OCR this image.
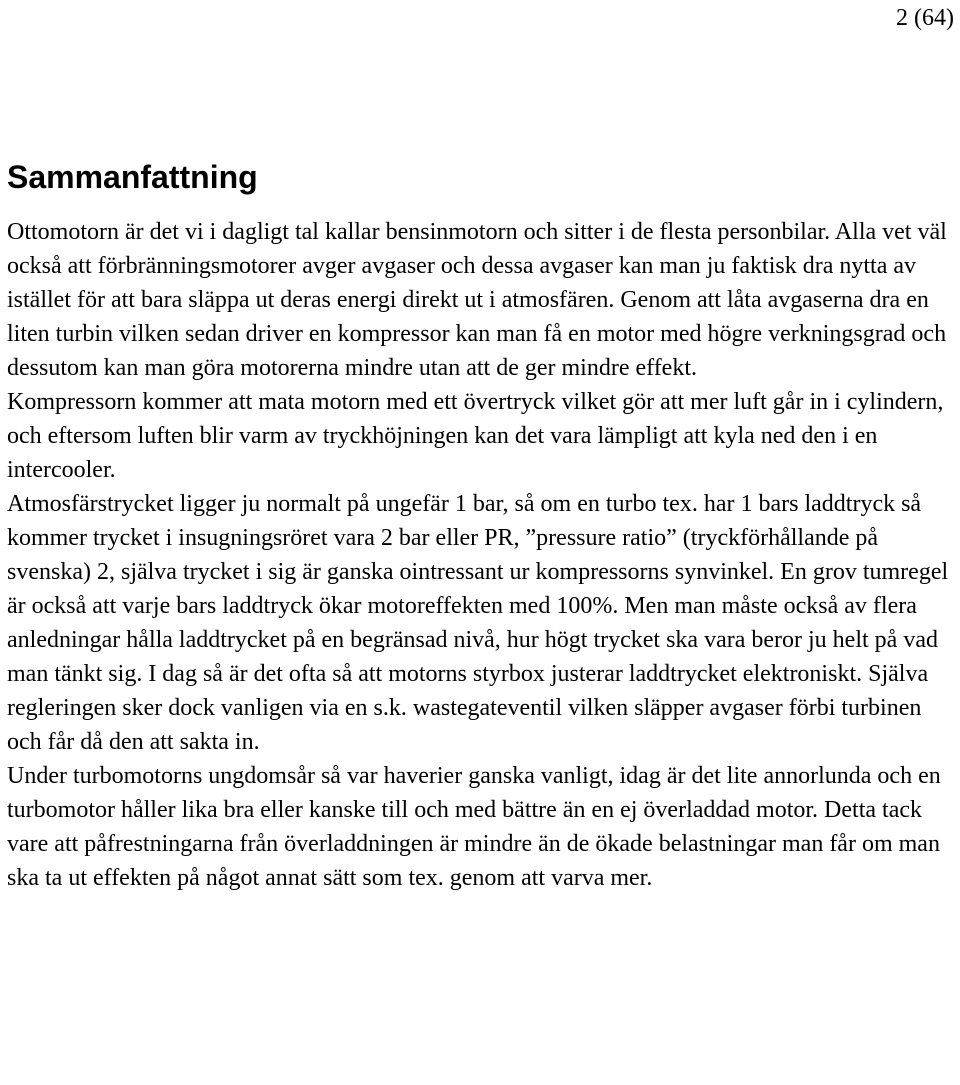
2 (64)
Sammanfattning

Ottomotorn är det vi i dagligt tal kallar bensinmotorn och sitter i de flesta personbilar. Alla vet väl också att förbränningsmotorer avger avgaser och dessa avgaser kan man ju faktisk dra nytta av istället för att bara släppa ut deras energi direkt ut i atmosfären. Genom att låta avgaserna dra en liten turbin vilken sedan driver en kompressor kan man få en motor med högre verkningsgrad och dessutom kan man göra motorerna mindre utan att de ger mindre effekt.

Kompressorn kommer att mata motorn med ett övertryck vilket gör att mer luft går in i cylindern, och eftersom luften blir varm av tryckhöjningen kan det vara lämpligt att kyla ned den i en intercooler.

Atmosfärstrycket ligger ju normalt på ungefär 1 bar, så om en turbo tex. har 1 bars laddtryck så kommer trycket i insugningsröret vara 2 bar eller PR, ”pressure ratio” (tryckförhållande på svenska) 2, själva trycket i sig är ganska ointressant ur kompressorns synvinkel. En grov tumregel är också att varje bars laddtryck ökar motoreffekten med 100%. Men man måste också av flera anledningar hålla laddtrycket på en begränsad nivå, hur högt trycket ska vara beror ju helt på vad man tänkt sig. I dag så är det ofta så att motorns styrbox justerar laddtrycket elektroniskt. Själva regleringen sker dock vanligen via en s.k. wastegateventil vilken släpper avgaser förbi turbinen och får då den att sakta in.

Under turbomotorns ungdomsår så var haverier ganska vanligt, idag är det lite annorlunda och en turbomotor håller lika bra eller kanske till och med bättre än en ej överladdad motor. Detta tack vare att påfrestningarna från överladdningen är mindre än de ökade belastningar man får om man ska ta ut effekten på något annat sätt som tex. genom att varva mer.
